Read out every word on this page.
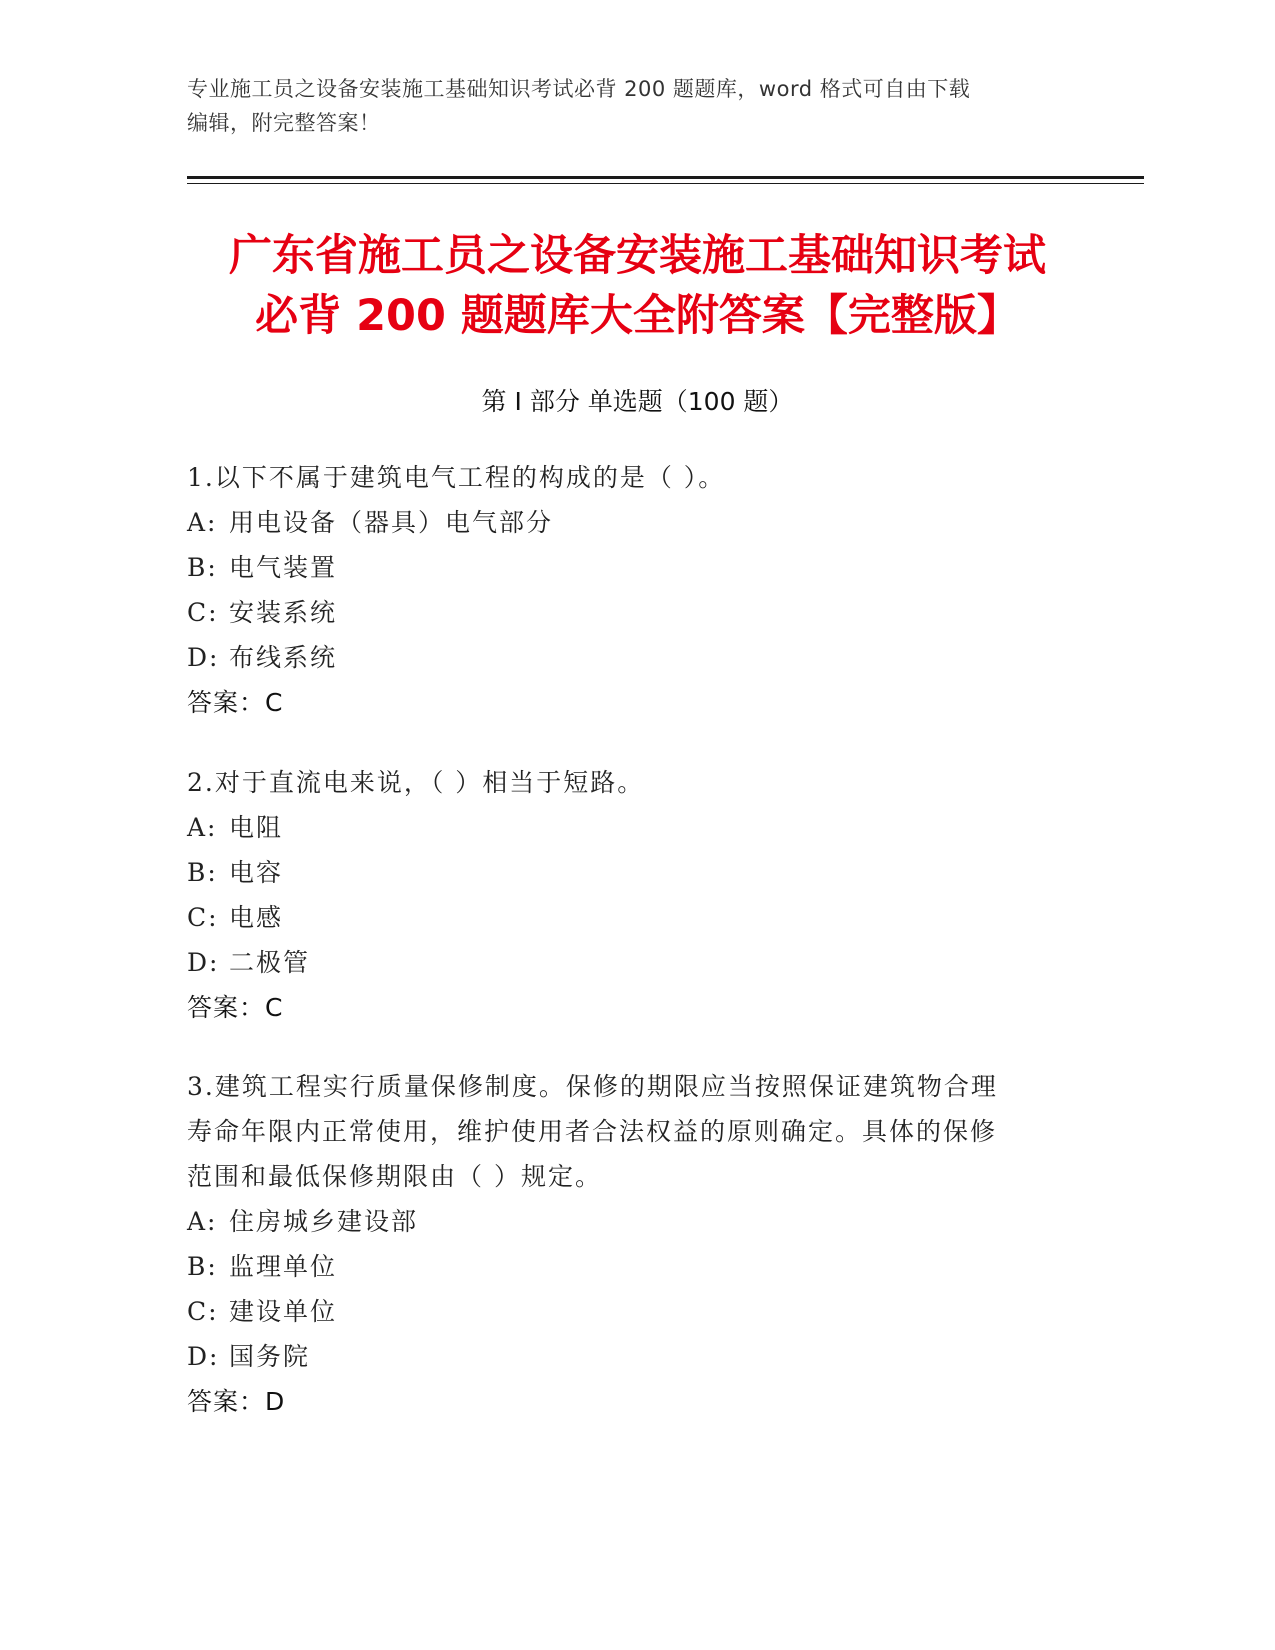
专业施工员之设备安装施工基础知识考试必背 200 题题库，word 格式可自由下载
编辑，附完整答案！
广东省施工员之设备安装施工基础知识考试
必背 200 题题库大全附答案【完整版】
第 I 部分 单选题（100 题）
1.以下不属于建筑电气工程的构成的是（ ）。
A: 用电设备（器具）电气部分
B: 电气装置
C: 安装系统
D: 布线系统
答案：C
2.对于直流电来说，（ ）相当于短路。
A: 电阻
B: 电容
C: 电感
D: 二极管
答案：C
3.建筑工程实行质量保修制度。保修的期限应当按照保证建筑物合理
寿命年限内正常使用，维护使用者合法权益的原则确定。具体的保修
范围和最低保修期限由（ ）规定。
A: 住房城乡建设部
B: 监理单位
C: 建设单位
D: 国务院
答案：D
